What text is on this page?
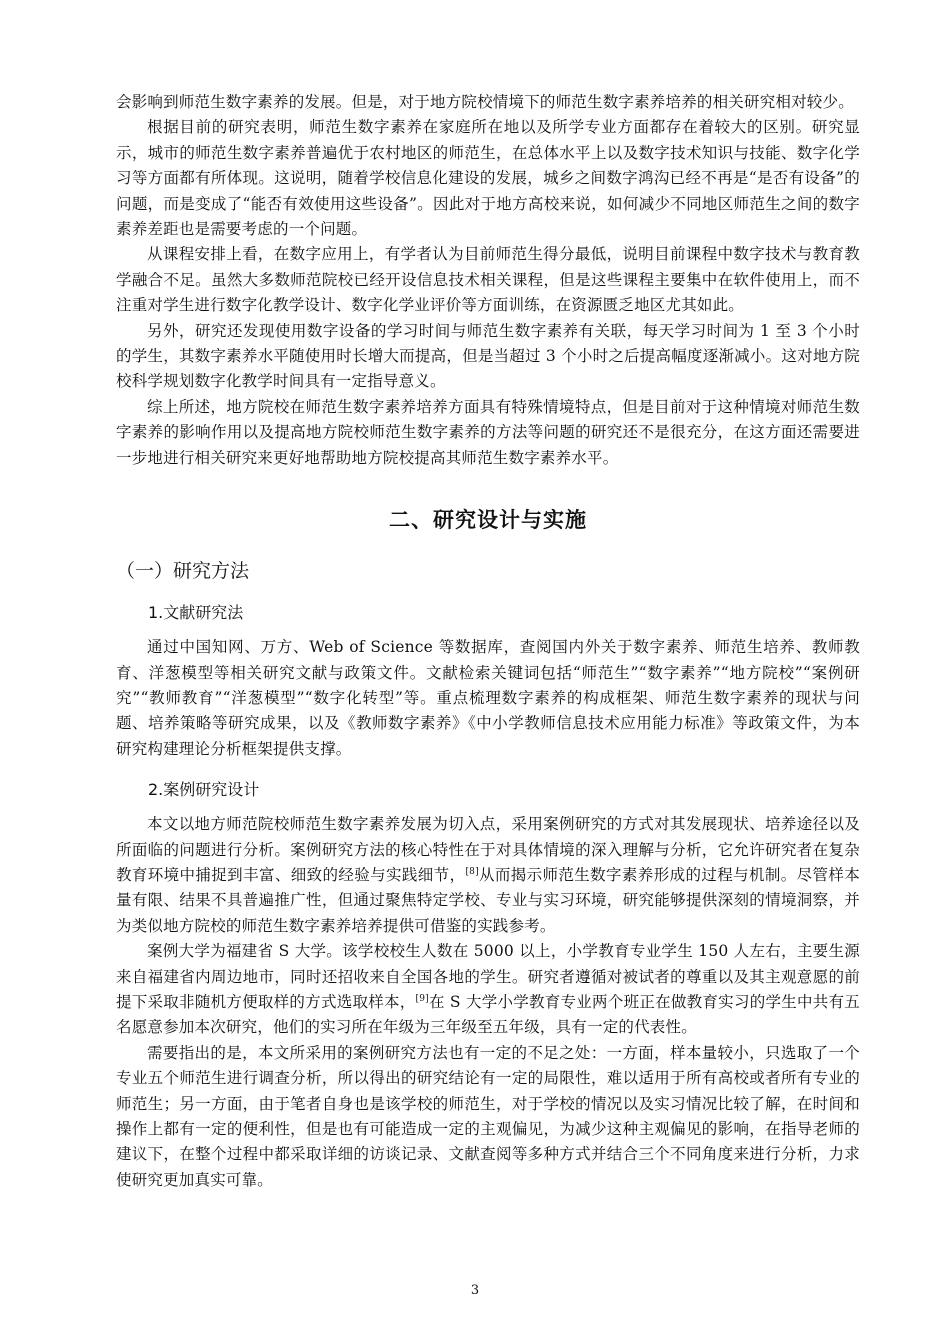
会影响到师范生数字素养的发展。但是，对于地方院校情境下的师范生数字素养培养的相关研究相对较少。

根据目前的研究表明，师范生数字素养在家庭所在地以及所学专业方面都存在着较大的区别。研究显示，城市的师范生数字素养普遍优于农村地区的师范生，在总体水平上以及数字技术知识与技能、数字化学习等方面都有所体现。这说明，随着学校信息化建设的发展，城乡之间数字鸿沟已经不再是“是否有设备”的问题，而是变成了“能否有效使用这些设备”。因此对于地方高校来说，如何减少不同地区师范生之间的数字素养差距也是需要考虑的一个问题。

从课程安排上看，在数字应用上，有学者认为目前师范生得分最低，说明目前课程中数字技术与教育教学融合不足。虽然大多数师范院校已经开设信息技术相关课程，但是这些课程主要集中在软件使用上，而不注重对学生进行数字化教学设计、数字化学业评价等方面训练，在资源匮乏地区尤其如此。

另外，研究还发现使用数字设备的学习时间与师范生数字素养有关联，每天学习时间为 1 至 3 个小时的学生，其数字素养水平随使用时长增大而提高，但是当超过 3 个小时之后提高幅度逐渐减小。这对地方院校科学规划数字化教学时间具有一定指导意义。

综上所述，地方院校在师范生数字素养培养方面具有特殊情境特点，但是目前对于这种情境对师范生数字素养的影响作用以及提高地方院校师范生数字素养的方法等问题的研究还不是很充分，在这方面还需要进一步地进行相关研究来更好地帮助地方院校提高其师范生数字素养水平。

二、研究设计与实施
（一）研究方法
1.文献研究法

通过中国知网、万方、Web of Science 等数据库，查阅国内外关于数字素养、师范生培养、教师教育、洋葱模型等相关研究文献与政策文件。文献检索关键词包括“师范生”“数字素养”“地方院校”“案例研究”“教师教育”“洋葱模型”“数字化转型”等。重点梳理数字素养的构成框架、师范生数字素养的现状与问题、培养策略等研究成果，以及《教师数字素养》《中小学教师信息技术应用能力标准》等政策文件，为本研究构建理论分析框架提供支撑。

2.案例研究设计

本文以地方师范院校师范生数字素养发展为切入点，采用案例研究的方式对其发展现状、培养途径以及所面临的问题进行分析。案例研究方法的核心特性在于对具体情境的深入理解与分析，它允许研究者在复杂教育环境中捕捉到丰富、细致的经验与实践细节，[8]从而揭示师范生数字素养形成的过程与机制。尽管样本量有限、结果不具普遍推广性，但通过聚焦特定学校、专业与实习环境，研究能够提供深刻的情境洞察，并为类似地方院校的师范生数字素养培养提供可借鉴的实践参考。

案例大学为福建省 S 大学。该学校校生人数在 5000 以上，小学教育专业学生 150 人左右，主要生源来自福建省内周边地市，同时还招收来自全国各地的学生。研究者遵循对被试者的尊重以及其主观意愿的前提下采取非随机方便取样的方式选取样本，[9]在 S 大学小学教育专业两个班正在做教育实习的学生中共有五名愿意参加本次研究，他们的实习所在年级为三年级至五年级，具有一定的代表性。

需要指出的是，本文所采用的案例研究方法也有一定的不足之处：一方面，样本量较小，只选取了一个专业五个师范生进行调查分析，所以得出的研究结论有一定的局限性，难以适用于所有高校或者所有专业的师范生；另一方面，由于笔者自身也是该学校的师范生，对于学校的情况以及实习情况比较了解，在时间和操作上都有一定的便利性，但是也有可能造成一定的主观偏见，为减少这种主观偏见的影响，在指导老师的建议下，在整个过程中都采取详细的访谈记录、文献查阅等多种方式并结合三个不同角度来进行分析，力求使研究更加真实可靠。

3
